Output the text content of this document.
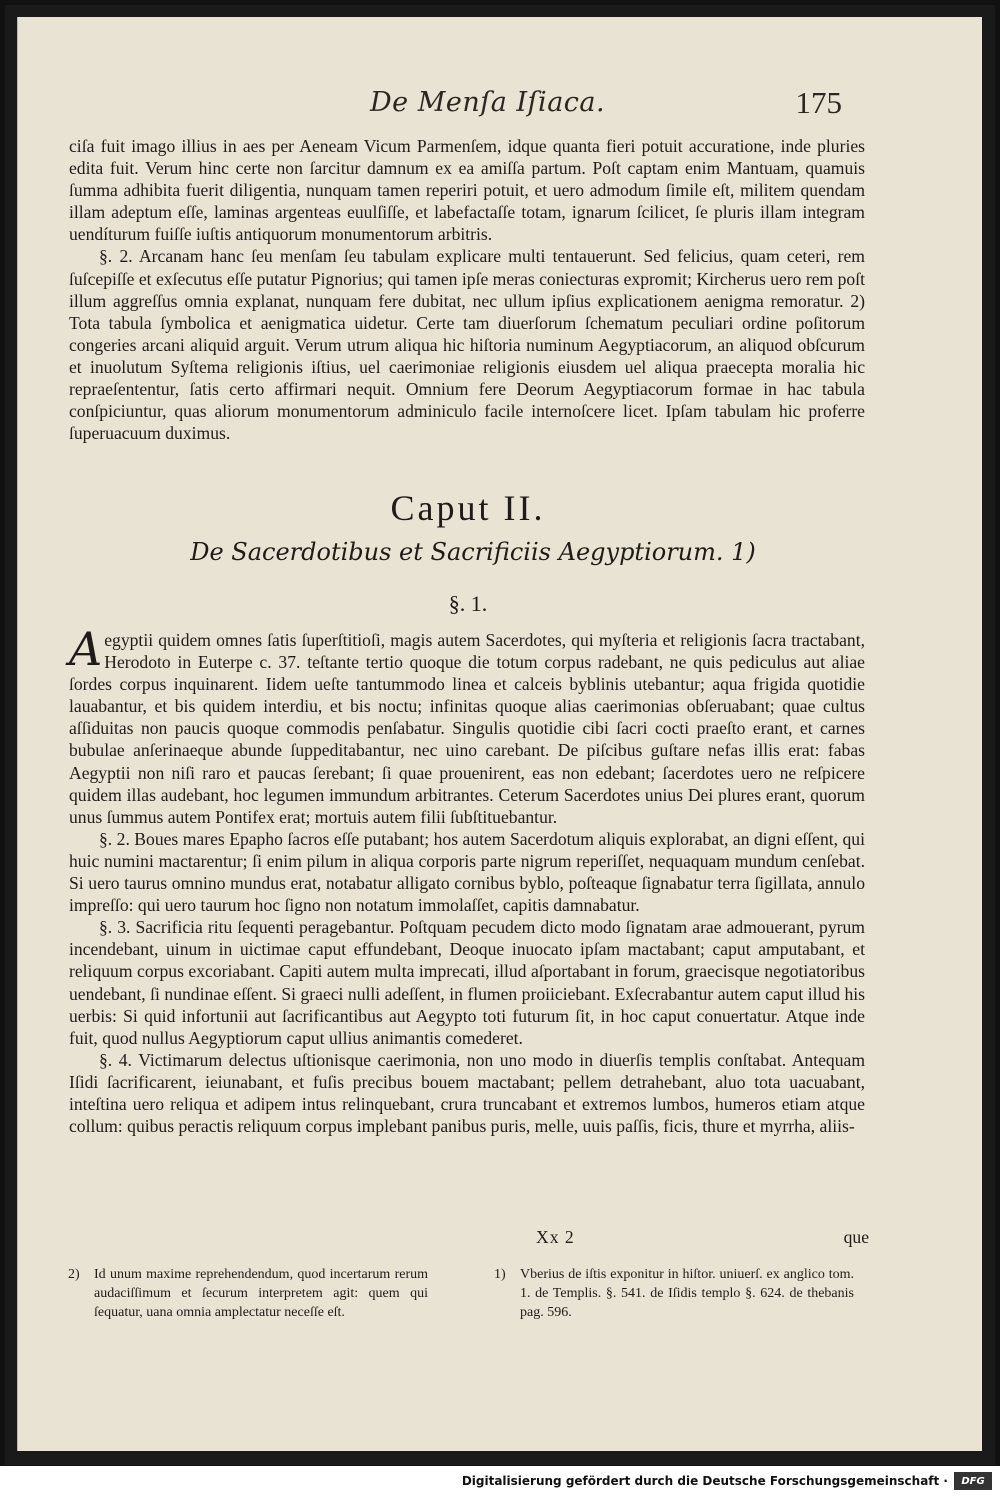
De Menſa Iſiaca.	175

ciſa fuit imago illius in aes per Aeneam Vicum Parmenſem, idque quanta fieri potuit accuratione, inde pluries edita fuit. Verum hinc certe non ſarcitur damnum ex ea amiſſa partum. Poſt captam enim Mantuam, quamuis ſumma adhibita fuerit diligentia, nunquam tamen reperiri potuit, et uero admodum ſimile eſt, militem quendam illam adeptum eſſe, laminas argenteas euulſiſſe, et labefactaſſe totam, ignarum ſcilicet, ſe pluris illam integram uendíturum fuiſſe iuſtis antiquorum monumentorum arbitris.

§. 2. Arcanam hanc ſeu menſam ſeu tabulam explicare multi tentauerunt. Sed felicius, quam ceteri, rem ſuſcepiſſe et exſecutus eſſe putatur Pignorius; qui tamen ipſe meras coniecturas expromit; Kircherus uero rem poſt illum aggreſſus omnia explanat, nunquam fere dubitat, nec ullum ipſius explicationem aenigma remoratur. 2) Tota tabula ſymbolica et aenigmatica uidetur. Certe tam diuerſorum ſchematum peculiari ordine poſitorum congeries arcani aliquid arguit. Verum utrum aliqua hic hiſtoria numinum Aegyptiacorum, an aliquod obſcurum et inuolutum Syſtema religionis iſtius, uel caerimoniae religionis eiusdem uel aliqua praecepta moralia hic repraeſententur, ſatis certo affirmari nequit. Omnium fere Deorum Aegyptiacorum formae in hac tabula conſpiciuntur, quas aliorum monumentorum adminiculo facile internoſcere licet. Ipſam tabulam hic proferre ſuperuacuum duximus.

Caput II.
De Sacerdotibus et Sacrificiis Aegyptiorum. 1)
§. 1.

Aegyptii quidem omnes ſatis ſuperſtitioſi, magis autem Sacerdotes, qui myſteria et religionis ſacra tractabant, Herodoto in Euterpe c. 37. teſtante tertio quoque die totum corpus radebant, ne quis pediculus aut aliae ſordes corpus inquinarent. Iidem ueſte tantummodo linea et calceis byblinis utebantur; aqua frigida quotidie lauabantur, et bis quidem interdiu, et bis noctu; infinitas quoque alias caerimonias obſeruabant; quae cultus aſſiduitas non paucis quoque commodis penſabatur. Singulis quotidie cibi ſacri cocti praeſto erant, et carnes bubulae anſerinaeque abunde ſuppeditabantur, nec uino carebant. De piſcibus guſtare nefas illis erat: fabas Aegyptii non niſi raro et paucas ſerebant; ſi quae prouenirent, eas non edebant; ſacerdotes uero ne reſpicere quidem illas audebant, hoc legumen immundum arbitrantes. Ceterum Sacerdotes unius Dei plures erant, quorum unus ſummus autem Pontifex erat; mortuis autem filii ſubſtituebantur.

§. 2. Boues mares Epapho ſacros eſſe putabant; hos autem Sacerdotum aliquis explorabat, an digni eſſent, qui huic numini mactarentur; ſi enim pilum in aliqua corporis parte nigrum reperiſſet, nequaquam mundum cenſebat. Si uero taurus omnino mundus erat, notabatur alligato cornibus byblo, poſteaque ſignabatur terra ſigillata, annulo impreſſo: qui uero taurum hoc ſigno non notatum immolaſſet, capitis damnabatur.

§. 3. Sacrificia ritu ſequenti peragebantur. Poſtquam pecudem dicto modo ſignatam arae admouerant, pyrum incendebant, uinum in uictimae caput effundebant, Deoque inuocato ipſam mactabant; caput amputabant, et reliquum corpus excoriabant. Capiti autem multa imprecati, illud aſportabant in forum, graecisque negotiatoribus uendebant, ſi nundinae eſſent. Si graeci nulli adeſſent, in flumen proiiciebant. Exſecrabantur autem caput illud his uerbis: Si quid infortunii aut ſacrificantibus aut Aegypto toti futurum ſit, in hoc caput conuertatur. Atque inde fuit, quod nullus Aegyptiorum caput ullius animantis comederet.

§. 4. Victimarum delectus uſtionisque caerimonia, non uno modo in diuerſis templis conſtabat. Antequam Iſidi ſacrificarent, ieiunabant, et fuſis precibus bouem mactabant; pellem detrahebant, aluo tota uacuabant, inteſtina uero reliqua et adipem intus relinquebant, crura truncabant et extremos lumbos, humeros etiam atque collum: quibus peractis reliquum corpus implebant panibus puris, melle, uuis paſſis, ficis, thure et myrrha, aliis-

Xx 2	que
2) Id unum maxime reprehendendum, quod incertarum rerum audaciſſimum et ſecurum interpretem agit: quem qui ſequatur, uana omnia amplectatur neceſſe eſt.
1) Vberius de iſtis exponitur in hiſtor. uniuerſ. ex anglico tom. 1. de Templis. §. 541. de Iſidis templo §. 624. de thebanis pag. 596.
Digitalisierung gefördert durch die Deutsche Forschungsgemeinschaft ·	DFG
